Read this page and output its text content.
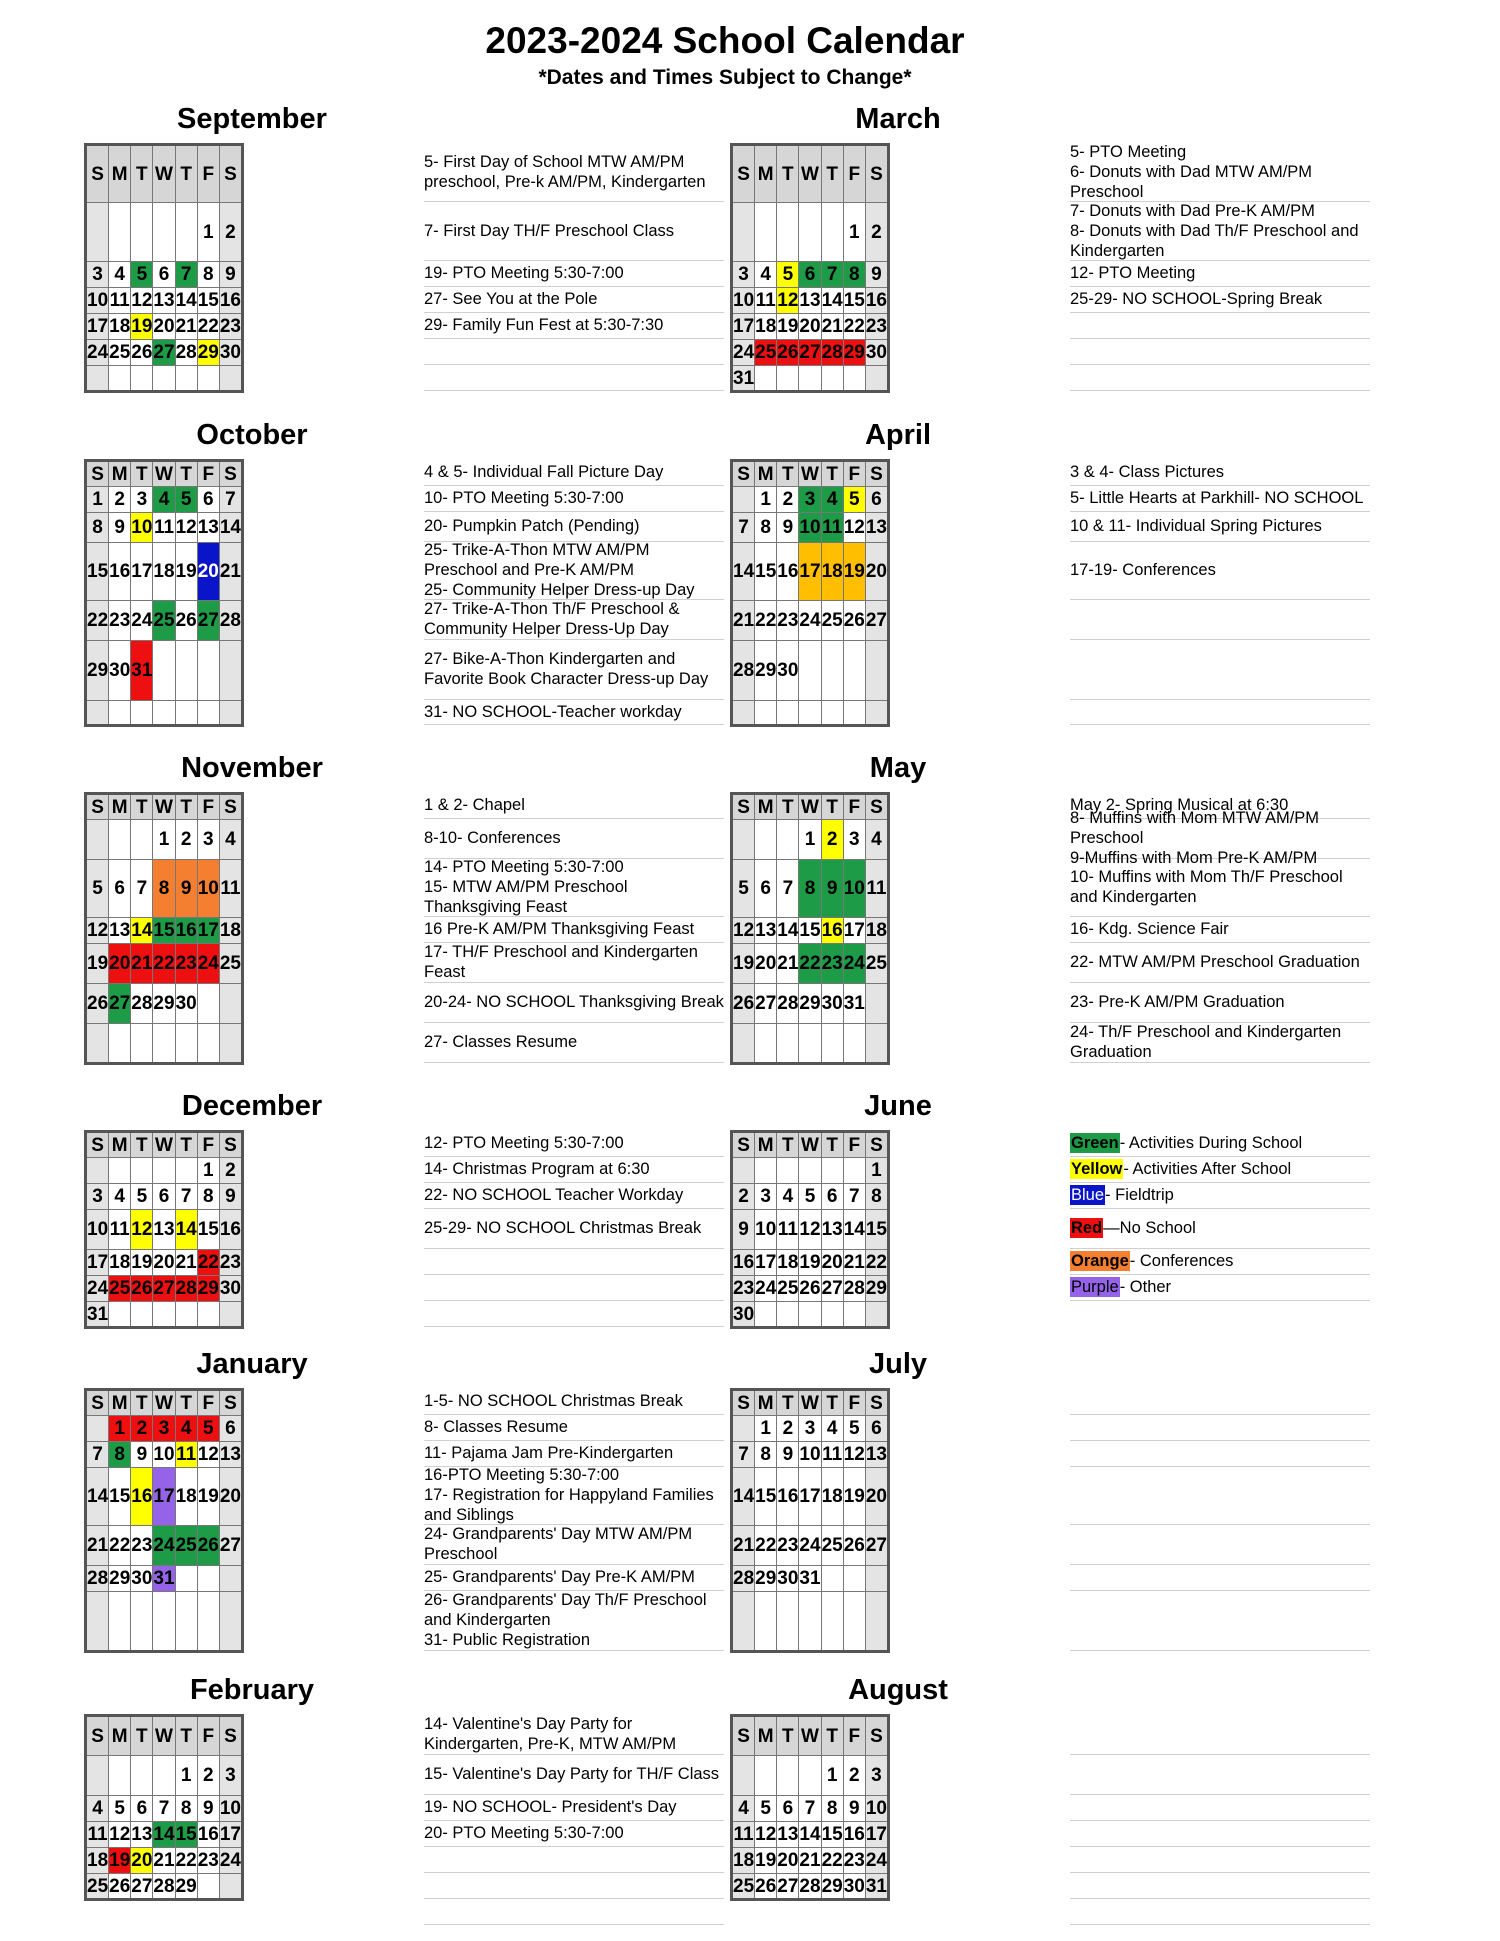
2023-2024 School Calendar
*Dates and Times Subject to Change*
September
S	M	T	W	T	F	S
					1	2
3	4	5	6	7	8	9
10	11	12	13	14	15	16
17	18	19	20	21	22	23
24	25	26	27	28	29	30

5- First Day of School MTW AM/PM preschool, Pre-k AM/PM, Kindergarten
7- First Day TH/F Preschool Class
19- PTO Meeting 5:30-7:00
27- See You at the Pole
29- Family Fun Fest at 5:30-7:30
March
S	M	T	W	T	F	S
					1	2
3	4	5	6	7	8	9
10	11	12	13	14	15	16
17	18	19	20	21	22	23
24	25	26	27	28	29	30
31						
5- PTO Meeting
6- Donuts with Dad MTW AM/PM Preschool
7- Donuts with Dad Pre-K AM/PM
8- Donuts with Dad Th/F Preschool and Kindergarten
12- PTO Meeting
25-29- NO SCHOOL-Spring Break
October
S	M	T	W	T	F	S
1	2	3	4	5	6	7
8	9	10	11	12	13	14
15	16	17	18	19	20	21
22	23	24	25	26	27	28
29	30	31				

4 & 5- Individual Fall Picture Day
10- PTO Meeting 5:30-7:00
20- Pumpkin Patch (Pending)
25- Trike-A-Thon MTW AM/PM Preschool and Pre-K AM/PM
25- Community Helper Dress-up Day
27- Trike-A-Thon Th/F Preschool & Community Helper Dress-Up Day
27- Bike-A-Thon Kindergarten and Favorite Book Character Dress-up Day
31- NO SCHOOL-Teacher workday
April
S	M	T	W	T	F	S
	1	2	3	4	5	6
7	8	9	10	11	12	13
14	15	16	17	18	19	20
21	22	23	24	25	26	27
28	29	30				

3 & 4- Class Pictures
5- Little Hearts at Parkhill- NO SCHOOL
10 & 11- Individual Spring Pictures
17-19- Conferences
November
S	M	T	W	T	F	S
			1	2	3	4
5	6	7	8	9	10	11
12	13	14	15	16	17	18
19	20	21	22	23	24	25
26	27	28	29	30		

1 & 2- Chapel
8-10- Conferences
14- PTO Meeting 5:30-7:00
15- MTW AM/PM Preschool Thanksgiving Feast
16 Pre-K AM/PM Thanksgiving Feast
17- TH/F Preschool and Kindergarten Feast
20-24- NO SCHOOL Thanksgiving Break
27- Classes Resume
May
S	M	T	W	T	F	S
			1	2	3	4
5	6	7	8	9	10	11
12	13	14	15	16	17	18
19	20	21	22	23	24	25
26	27	28	29	30	31	

May 2- Spring Musical at 6:30
8- Muffins with Mom MTW AM/PM Preschool
9-Muffins with Mom Pre-K AM/PM
10- Muffins with Mom Th/F Preschool and Kindergarten
16- Kdg. Science Fair
22- MTW AM/PM Preschool Graduation
23- Pre-K AM/PM Graduation
24- Th/F Preschool and Kindergarten Graduation
December
S	M	T	W	T	F	S
					1	2
3	4	5	6	7	8	9
10	11	12	13	14	15	16
17	18	19	20	21	22	23
24	25	26	27	28	29	30
31						
12- PTO Meeting 5:30-7:00
14- Christmas Program at 6:30
22- NO SCHOOL Teacher Workday
25-29- NO SCHOOL Christmas Break
June
S	M	T	W	T	F	S
						1
2	3	4	5	6	7	8
9	10	11	12	13	14	15
16	17	18	19	20	21	22
23	24	25	26	27	28	29
30						
January
S	M	T	W	T	F	S
	1	2	3	4	5	6
7	8	9	10	11	12	13
14	15	16	17	18	19	20
21	22	23	24	25	26	27
28	29	30	31			

1-5- NO SCHOOL Christmas Break
8- Classes Resume
11- Pajama Jam Pre-Kindergarten
16-PTO Meeting 5:30-7:00
17- Registration for Happyland Families and Siblings
24- Grandparents' Day MTW AM/PM Preschool
25- Grandparents' Day Pre-K AM/PM
26- Grandparents' Day Th/F Preschool and Kindergarten
31- Public Registration
July
S	M	T	W	T	F	S
	1	2	3	4	5	6
7	8	9	10	11	12	13
14	15	16	17	18	19	20
21	22	23	24	25	26	27
28	29	30	31			

February
S	M	T	W	T	F	S
				1	2	3
4	5	6	7	8	9	10
11	12	13	14	15	16	17
18	19	20	21	22	23	24
25	26	27	28	29		
14- Valentine's Day Party for Kindergarten, Pre-K, MTW AM/PM
15- Valentine's Day Party for TH/F Class
19- NO SCHOOL- President's Day
20- PTO Meeting 5:30-7:00
August
S	M	T	W	T	F	S
				1	2	3
4	5	6	7	8	9	10
11	12	13	14	15	16	17
18	19	20	21	22	23	24
25	26	27	28	29	30	31
Green - Activities During School
Yellow - Activities After School
Blue - Fieldtrip
Red —No School
Orange - Conferences
Purple - Other
